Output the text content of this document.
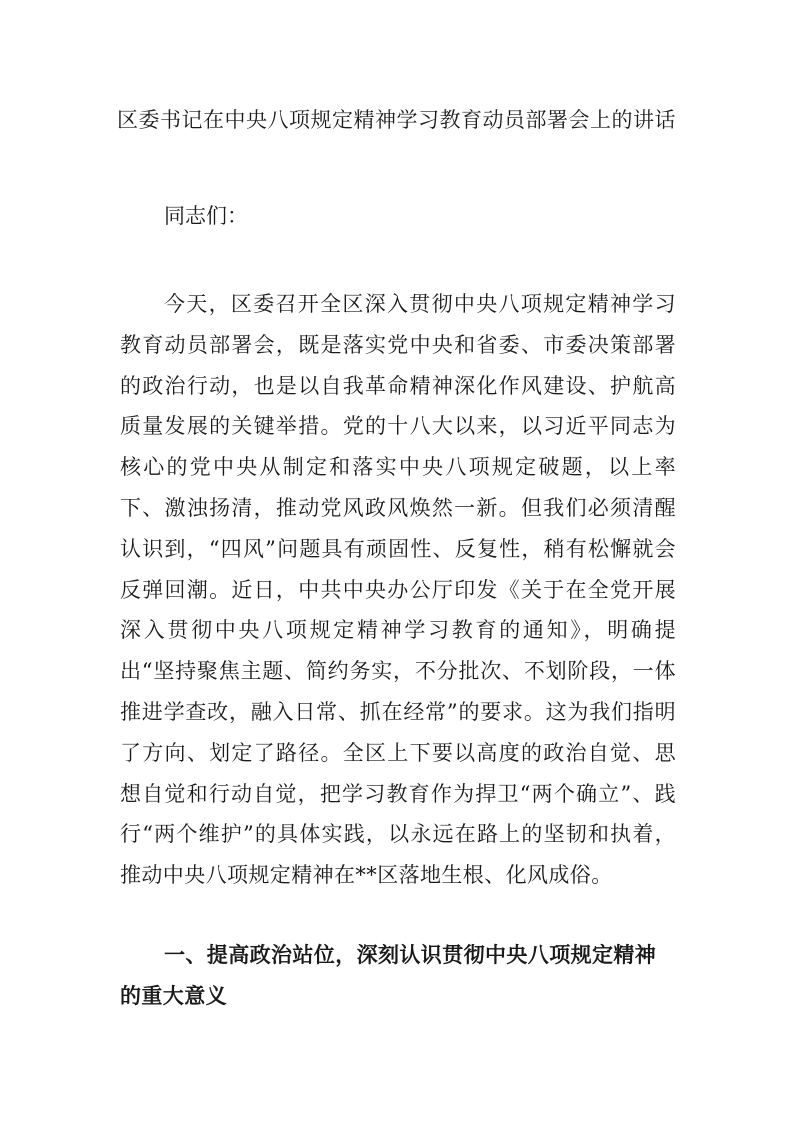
区委书记在中央八项规定精神学习教育动员部署会上的讲话

同志们：

今天，区委召开全区深入贯彻中央八项规定精神学习教育动员部署会，既是落实党中央和省委、市委决策部署的政治行动，也是以自我革命精神深化作风建设、护航高质量发展的关键举措。党的十八大以来，以习近平同志为核心的党中央从制定和落实中央八项规定破题，以上率下、激浊扬清，推动党风政风焕然一新。但我们必须清醒认识到，“四风”问题具有顽固性、反复性，稍有松懈就会反弹回潮。近日，中共中央办公厅印发《关于在全党开展深入贯彻中央八项规定精神学习教育的通知》，明确提出“坚持聚焦主题、简约务实，不分批次、不划阶段，一体推进学查改，融入日常、抓在经常”的要求。这为我们指明了方向、划定了路径。全区上下要以高度的政治自觉、思想自觉和行动自觉，把学习教育作为捍卫“两个确立”、践行“两个维护”的具体实践，以永远在路上的坚韧和执着，推动中央八项规定精神在**区落地生根、化风成俗。

一、提高政治站位，深刻认识贯彻中央八项规定精神的重大意义
